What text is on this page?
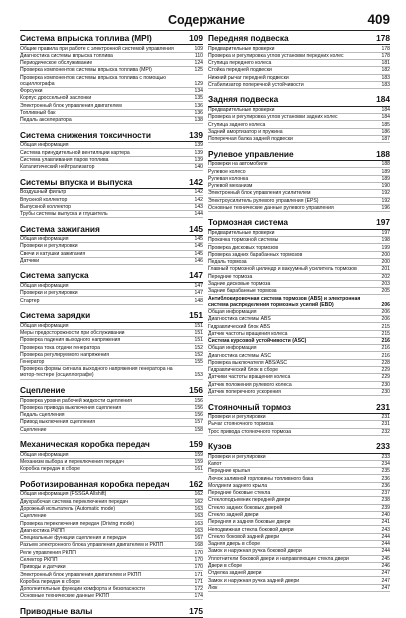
Содержание	409
Система впрыска топлива (MPI)	109
Общие правила при работе с электронной системой управления	109
Диагностика системы впрыска топлива	110
Периодическое обслуживание	124
Проверка компонентов системы впрыска топлива (MPI)	125
Проверка компонентов системы впрыска топлива с помощью осциллографа	129
Форсунки	134
Корпус дроссельной заслонки	135
Электронный блок управления двигателем	136
Топливный бак	136
Педаль акселератора	138
Система снижения токсичности	139
Общая информация	139
Система принудительной вентиляции картера	139
Система улавливания паров топлива	139
Каталитический нейтрализатор	140
Системы впуска и выпуска	142
Воздушный фильтр	142
Впускной коллектор	142
Выпускной коллектор	143
Трубы системы выпуска и глушитель	144
Система зажигания	145
Общая информация	145
Проверки и регулировки	145
Свечи и катушки зажигания	145
Датчики	146
Система запуска	147
Общая информация	147
Проверки и регулировки	147
Стартер	148
Система зарядки	151
Общая информация	151
Меры предосторожности при обслуживании	151
Проверка падения выходного напряжения	151
Проверка тока отдачи генератора	152
Проверка регулируемого напряжения	152
Генератор	155
Проверка формы сигнала выходного напряжения генератора на мотор-тестере (осциллографе)	153
Сцепление	156
Проверка уровня рабочей жидкости сцепления	156
Проверка привода выключения сцепления	156
Педаль сцепления	156
Привод выключения сцепления	157
Сцепление	158
Механическая коробка передач	159
Общая информация	159
Механизм выбора и переключения передач	159
Коробка передач в сборе	161
Роботизированная коробка передач	162
Общая информация (FSSGA Allshift)	162
Двухрабочая система переключения передач	162
Дорожный испытатель (Automatic mode)	163
Сцепление	163
Проверка переключения передач (Driving mode)	163
Диагностика РКПП	163
Специальные функции сцепления и передач	167
Разъем электронного блока управления двигателем и РКПП	168
Реле управления РКПП	170
Селектор РКПП	170
Приводы и датчики	170
Электронный блок управления двигателем и РКПП	171
Коробка передач в сборе	171
Дополнительные функции комфорта и безопасности	172
Основные технические данные РКПП	174
Приводные валы	175
Передняя подвеска	178
Предварительные проверки	178
Проверка и регулировка углов установки передних колес	178
Ступица переднего колеса	181
Стойка передней подвески	182
Нижний рычаг передней подвески	183
Стабилизатор поперечной устойчивости	183
Задняя подвеска	184
Предварительные проверки	184
Проверка и регулировка углов установки задних колес	184
Ступица заднего колеса	185
Задний амортизатор и пружина	186
Поперечная балка задней подвески	187
Рулевое управление	188
Проверки на автомобиле	188
Рулевое колесо	189
Рулевая колонка	189
Рулевой механизм	190
Электронный блок управления усилителем	192
Электроусилитель рулевого управления (EPS)	192
Основные технические данные рулевого управления	196
Тормозная система	197
Предварительные проверки	197
Прокачка тормозной системы	198
Проверка дисковых тормозов	199
Проверка задних барабанных тормозов	200
Педаль тормоза	200
Главный тормозной цилиндр и вакуумный усилитель тормозов	201
Передние тормоза	202
Задние дисковые тормоза	203
Задние барабанные тормоза	205
Антиблокировочная система тормозов (ABS) и электронная система распределения тормозных усилий (EBD)	206
Общая информация	206
Диагностика системы ABS	206
Гидравлический блок ABS	215
Датчик частоты вращения колеса	215
Система курсовой устойчивости (ASC)	216
Общая информация	216
Диагностика системы ASC	216
Проверка выключателя ABS/ASC	228
Гидравлический блок в сборе	229
Датчики частоты вращения колеса	229
Датчик положения рулевого колеса	230
Датчик поперечного ускорения	230
Стояночный тормоз	231
Проверки и регулировки	231
Рычаг стояночного тормоза	231
Трос привода стояночного тормоза	232
Кузов	233
Проверки и регулировки	233
Капот	234
Передние крылья	235
Лючок заливной горловины топливного бака	236
Молдинги заднего крыла	236
Передние боковые стекла	237
Стеклоподъемник передней двери	238
Стекло задних боковых дверей	239
Стекло задней двери	240
Передняя и задняя боковые двери	241
Неподвижная стекла боковой двери	243
Стекло боковой задней двери	244
Задняя дверь в сборе	244
Замок и наружная ручка боковой двери	244
Уплотнители боковой двери и направляющие стекла двери	245
Двери в сборе	246
Отделка задней двери	247
Замок и наружная ручка задней двери	247
Люк	247
